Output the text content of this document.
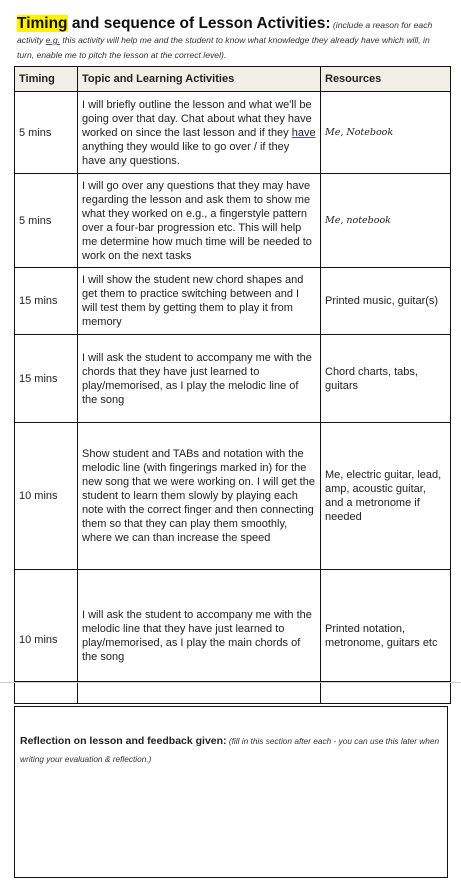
Timing and sequence of Lesson Activities: (include a reason for each activity e.g. this activity will help me and the student to know what knowledge they already have which will, in turn, enable me to pitch the lesson at the correct level).
Timing	Topic and Learning Activities	Resources
5 mins	I will briefly outline the lesson and what we'll be going over that day. Chat about what they have worked on since the last lesson and if they have anything they would like to go over / if they have any questions.	Me, Notebook
5 mins	I will go over any questions that they may have regarding the lesson and ask them to show me what they worked on e.g., a fingerstyle pattern over a four-bar progression etc. This will help me determine how much time will be needed to work on the next tasks	Me, notebook
15 mins	I will show the student new chord shapes and get them to practice switching between and I will test them by getting them to play it from memory	Printed music, guitar(s)
15 mins	I will ask the student to accompany me with the chords that they have just learned to play/memorised, as I play the melodic line of the song	Chord charts, tabs, guitars
10 mins	Show student and TABs and notation with the melodic line (with fingerings marked in) for the new song that we were working on. I will get the student to learn them slowly by playing each note with the correct finger and then connecting them so that they can play them smoothly, where we can than increase the speed	Me, electric guitar, lead, amp, acoustic guitar, and a metronome if needed
10 mins	I will ask the student to accompany me with the melodic line that they have just learned to play/memorised, as I play the main chords of the song	Printed notation, metronome, guitars etc

Reflection on lesson and feedback given: (fill in this section after each - you can use this later when writing your evaluation & reflection.)
